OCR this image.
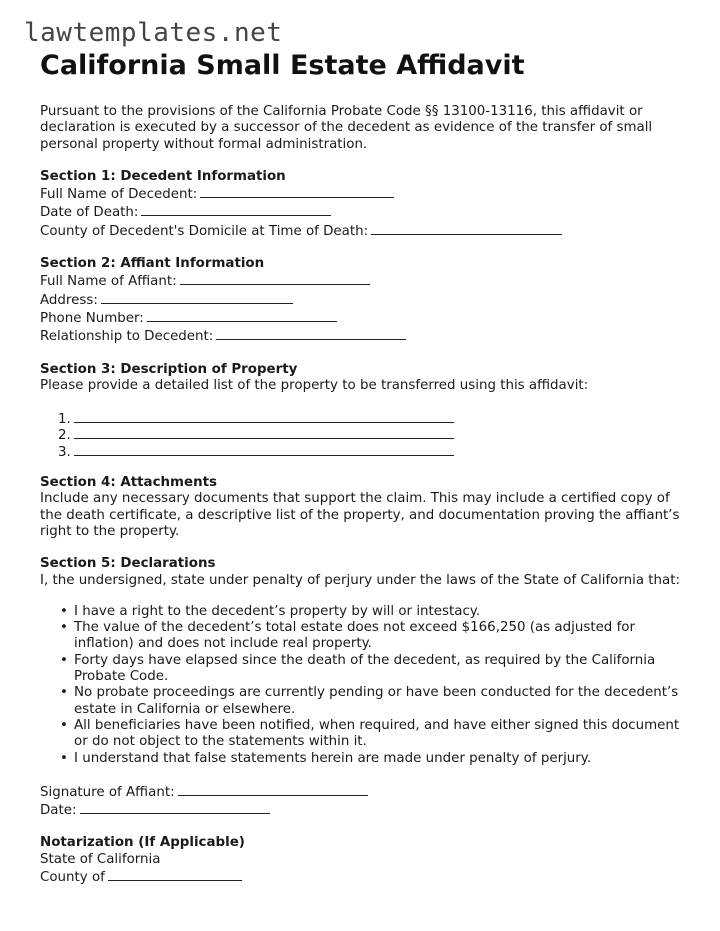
lawtemplates.net
California Small Estate Affidavit

Pursuant to the provisions of the California Probate Code §§ 13100-13116, this affidavit or declaration is executed by a successor of the decedent as evidence of the transfer of small personal property without formal administration.

Section 1: Decedent Information

Full Name of Decedent:

Date of Death:

County of Decedent's Domicile at Time of Death:

Section 2: Affiant Information

Full Name of Affiant:

Address:

Phone Number:

Relationship to Decedent:

Section 3: Description of Property

Please provide a detailed list of the property to be transferred using this affidavit:

1.
2.
3.

Section 4: Attachments

Include any necessary documents that support the claim. This may include a certified copy of the death certificate, a descriptive list of the property, and documentation proving the affiant’s right to the property.

Section 5: Declarations

I, the undersigned, state under penalty of perjury under the laws of the State of California that:

• I have a right to the decedent’s property by will or intestacy.
• The value of the decedent’s total estate does not exceed $166,250 (as adjusted for inflation) and does not include real property.
• Forty days have elapsed since the death of the decedent, as required by the California Probate Code.
• No probate proceedings are currently pending or have been conducted for the decedent’s estate in California or elsewhere.
• All beneficiaries have been notified, when required, and have either signed this document or do not object to the statements within it.
• I understand that false statements herein are made under penalty of perjury.

Signature of Affiant:

Date:

Notarization (If Applicable)

State of California

County of
